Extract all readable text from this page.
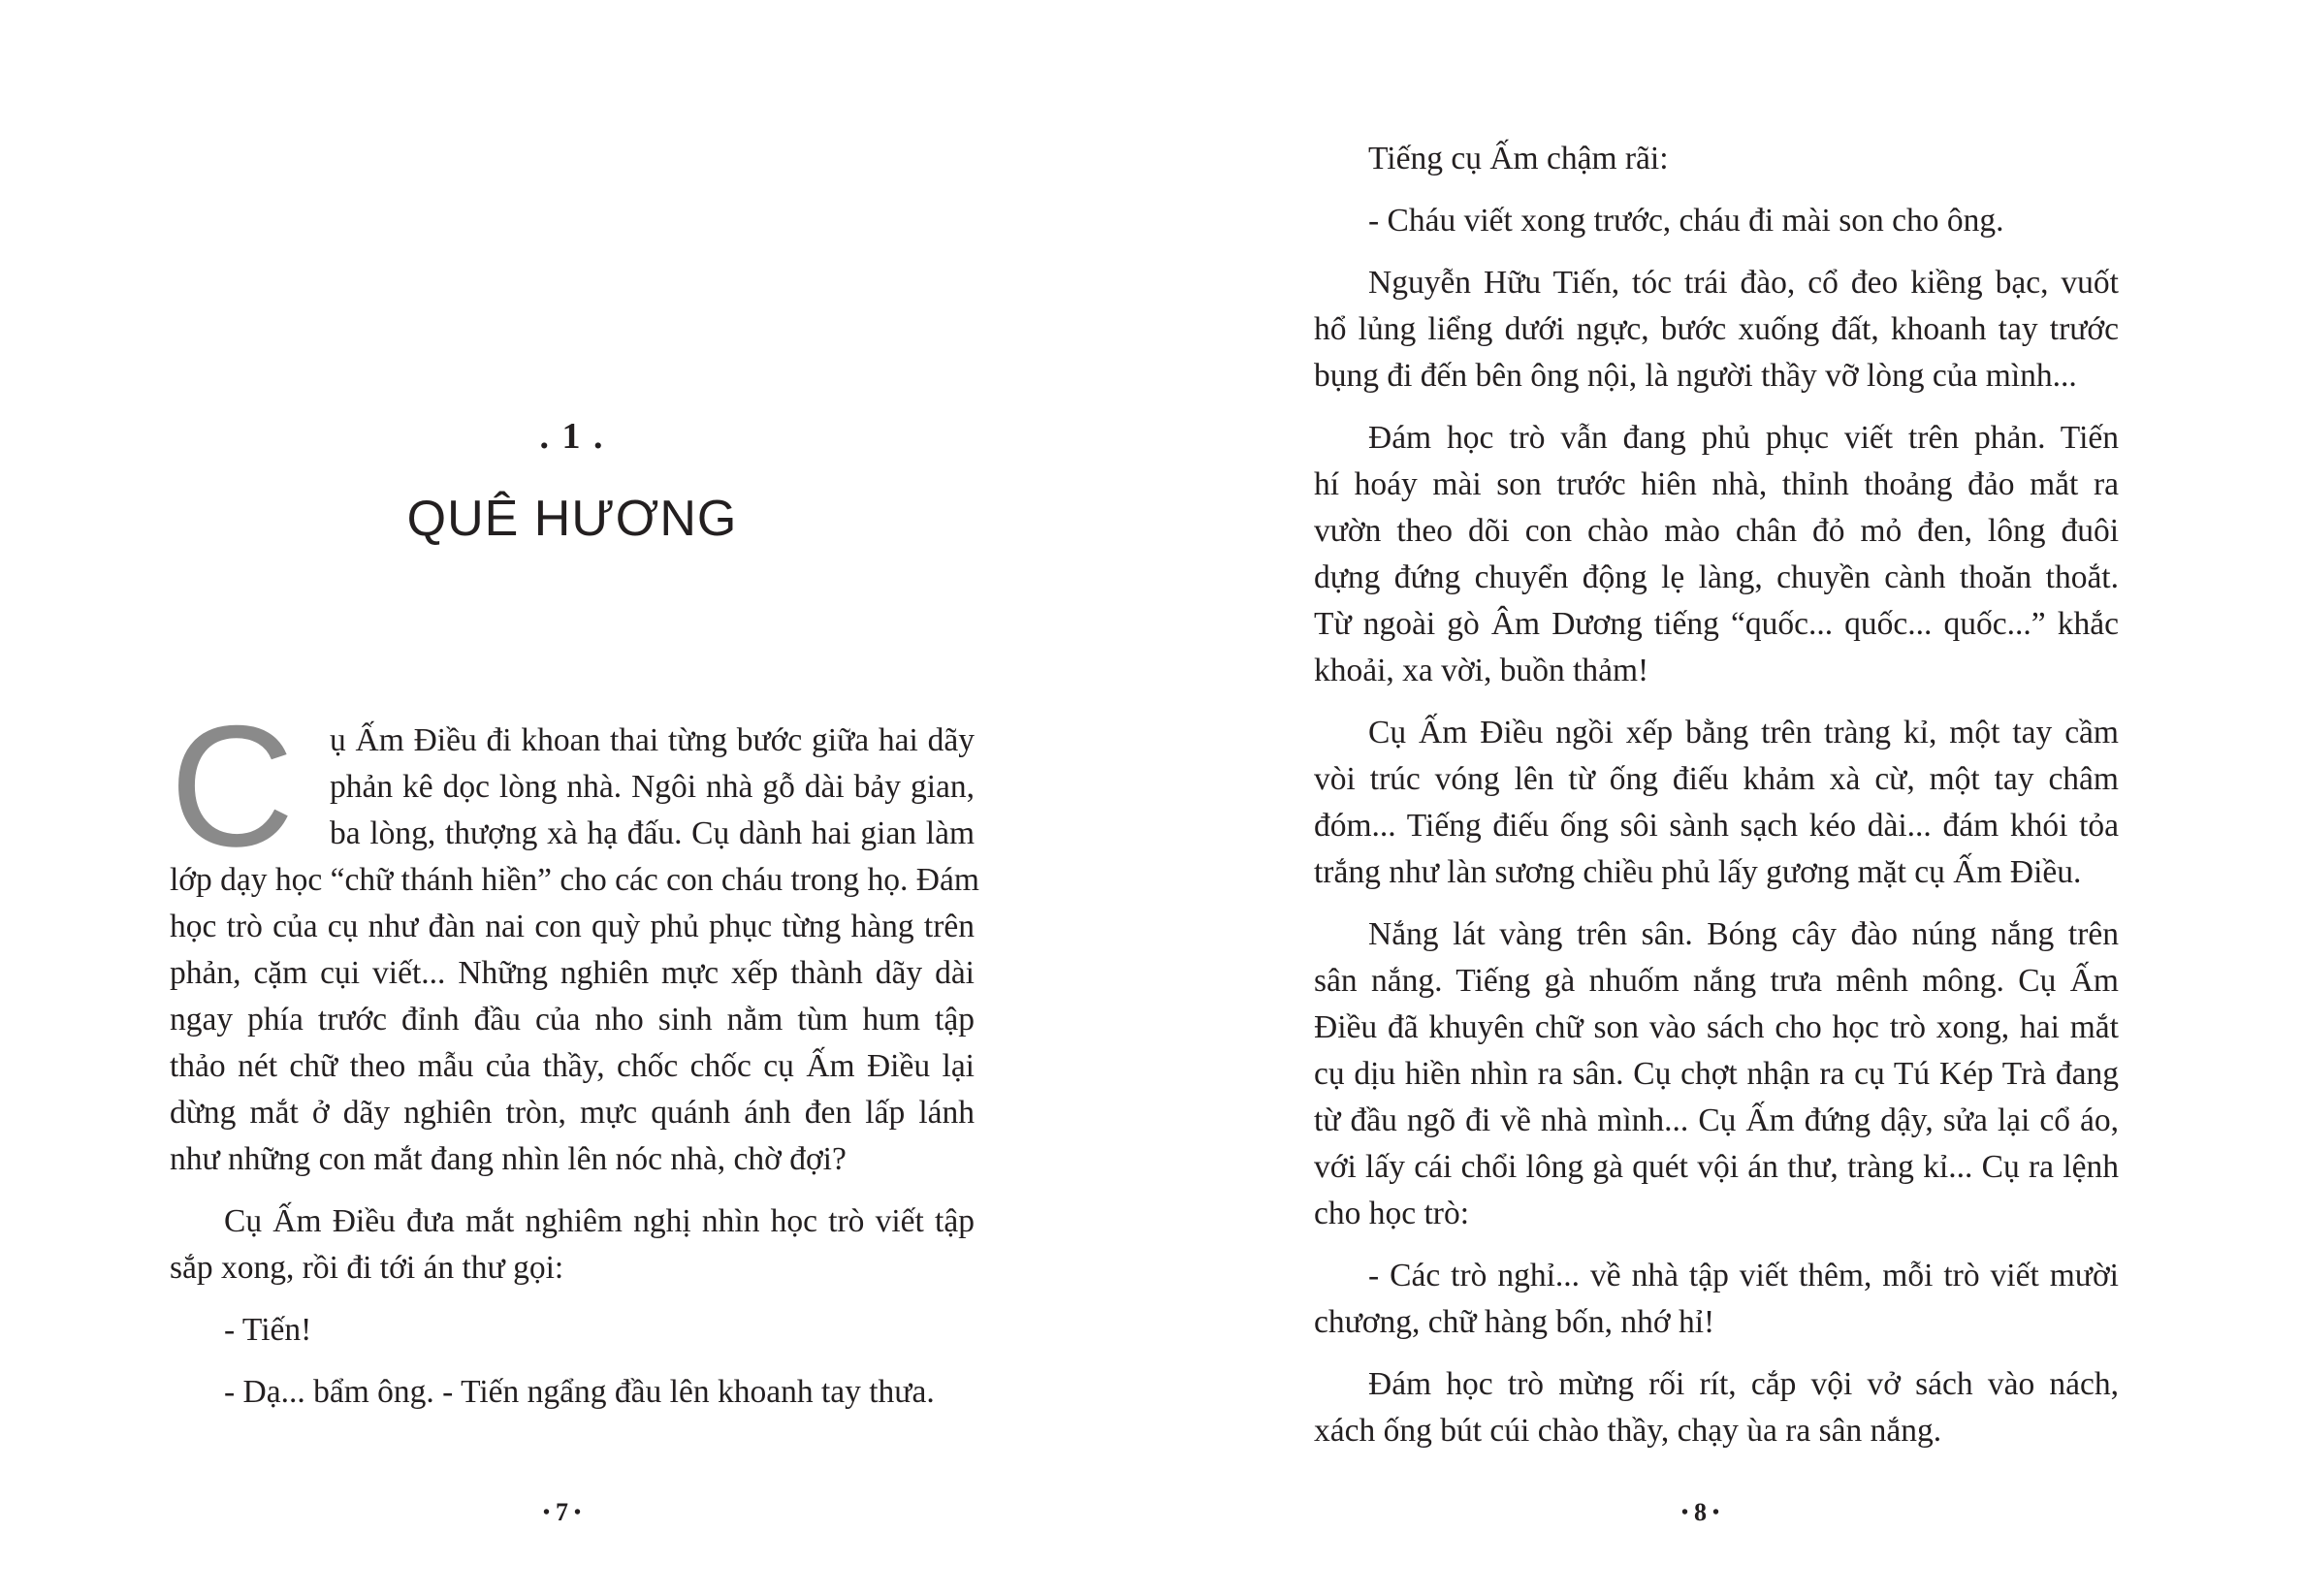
. 1 .
QUÊ HƯƠNG
C	ụ Ấm Điều đi khoan thai từng bước giữa hai dãy
phản kê dọc lòng nhà. Ngôi nhà gỗ dài bảy gian,
ba lòng, thượng xà hạ đấu. Cụ dành hai gian làm
lớp dạy học “chữ thánh hiền” cho các con cháu trong họ. Đám
học trò của cụ như đàn nai con quỳ phủ phục từng hàng trên
phản, cặm cụi viết... Những nghiên mực xếp thành dãy dài
ngay phía trước đỉnh đầu của nho sinh nằm tùm hum tập
thảo nét chữ theo mẫu của thầy, chốc chốc cụ Ấm Điều lại
dừng mắt ở dãy nghiên tròn, mực quánh ánh đen lấp lánh
như những con mắt đang nhìn lên nóc nhà, chờ đợi?
Cụ Ấm Điều đưa mắt nghiêm nghị nhìn học trò viết tập
sắp xong, rồi đi tới án thư gọi:
- Tiến!
- Dạ... bẩm ông. - Tiến ngẩng đầu lên khoanh tay thưa.
•7•
Tiếng cụ Ấm chậm rãi:
- Cháu viết xong trước, cháu đi mài son cho ông.
Nguyễn Hữu Tiến, tóc trái đào, cổ đeo kiềng bạc, vuốt
hổ lủng liểng dưới ngực, bước xuống đất, khoanh tay trước
bụng đi đến bên ông nội, là người thầy vỡ lòng của mình...
Đám học trò vẫn đang phủ phục viết trên phản. Tiến
hí hoáy mài son trước hiên nhà, thỉnh thoảng đảo mắt ra
vườn theo dõi con chào mào chân đỏ mỏ đen, lông đuôi
dựng đứng chuyển động lẹ làng, chuyền cành thoăn thoắt.
Từ ngoài gò Âm Dương tiếng “quốc... quốc... quốc...” khắc
khoải, xa vời, buồn thảm!
Cụ Ấm Điều ngồi xếp bằng trên tràng kỉ, một tay cầm
vòi trúc vóng lên từ ống điếu khảm xà cừ, một tay châm
đóm... Tiếng điếu ống sôi sành sạch kéo dài... đám khói tỏa
trắng như làn sương chiều phủ lấy gương mặt cụ Ấm Điều.
Nắng lát vàng trên sân. Bóng cây đào núng nắng trên
sân nắng. Tiếng gà nhuốm nắng trưa mênh mông. Cụ Ấm
Điều đã khuyên chữ son vào sách cho học trò xong, hai mắt
cụ dịu hiền nhìn ra sân. Cụ chợt nhận ra cụ Tú Kép Trà đang
từ đầu ngõ đi về nhà mình... Cụ Ấm đứng dậy, sửa lại cổ áo,
với lấy cái chổi lông gà quét vội án thư, tràng kỉ... Cụ ra lệnh
cho học trò:
- Các trò nghỉ... về nhà tập viết thêm, mỗi trò viết mười
chương, chữ hàng bốn, nhớ hỉ!
Đám học trò mừng rối rít, cắp vội vở sách vào nách,
xách ống bút cúi chào thầy, chạy ùa ra sân nắng.
•8•
